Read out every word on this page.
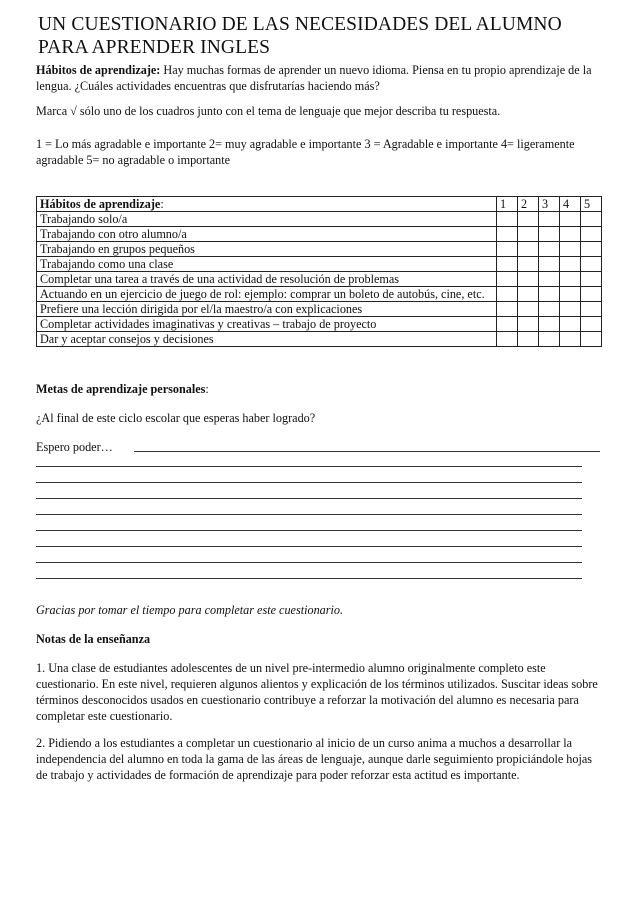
UN CUESTIONARIO DE LAS NECESIDADES DEL ALUMNO
PARA APRENDER INGLES
Hábitos de aprendizaje: Hay muchas formas de aprender un nuevo idioma. Piensa en tu propio aprendizaje de la lengua. ¿Cuáles actividades encuentras que disfrutarías haciendo más?
Marca √ sólo uno de los cuadros junto con el tema de lenguaje que mejor describa tu respuesta.
1 = Lo más agradable e importante 2= muy agradable e importante 3 = Agradable e importante 4= ligeramente agradable 5= no agradable o importante
Hábitos de aprendizaje:	1	2	3	4	5
Trabajando solo/a					
Trabajando con otro alumno/a					
Trabajando en grupos pequeños					
Trabajando como una clase					
Completar una tarea a través de una actividad de resolución de problemas					
Actuando en un ejercicio de juego de rol: ejemplo: comprar un boleto de autobús, cine, etc.					
Prefiere una lección dirigida por el/la maestro/a con explicaciones					
Completar actividades imaginativas y creativas – trabajo de proyecto					
Dar y aceptar consejos y decisiones					
Metas de aprendizaje personales:
¿Al final de este ciclo escolar que esperas haber logrado?
Espero poder…
Gracias por tomar el tiempo para completar este cuestionario.
Notas de la enseñanza
1. Una clase de estudiantes adolescentes de un nivel pre-intermedio alumno originalmente completo este cuestionario. En este nivel, requieren algunos alientos y explicación de los términos utilizados. Suscitar ideas sobre términos desconocidos usados en cuestionario contribuye a reforzar la motivación del alumno es necesaria para completar este cuestionario.
2. Pidiendo a los estudiantes a completar un cuestionario al inicio de un curso anima a muchos a desarrollar la independencia del alumno en toda la gama de las áreas de lenguaje, aunque darle seguimiento propiciándole hojas de trabajo y actividades de formación de aprendizaje para poder reforzar esta actitud es importante.
